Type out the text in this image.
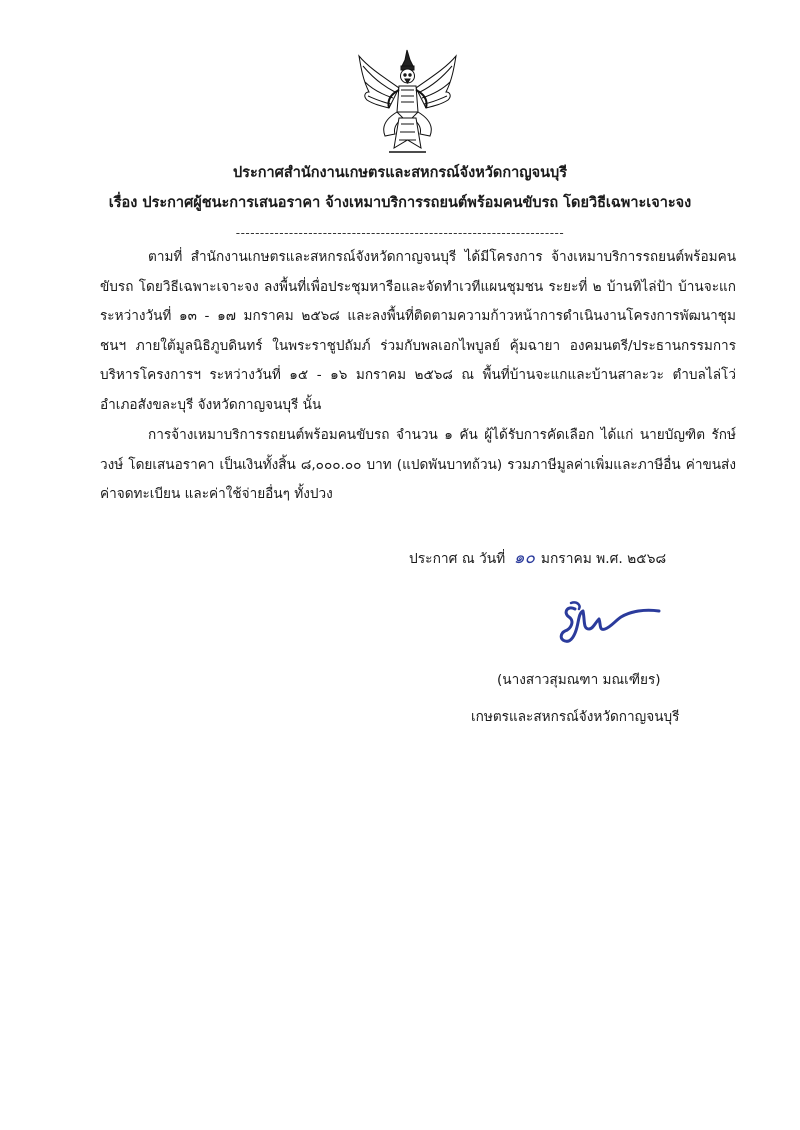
ประกาศสำนักงานเกษตรและสหกรณ์จังหวัดกาญจนบุรี
เรื่อง ประกาศผู้ชนะการเสนอราคา จ้างเหมาบริการรถยนต์พร้อมคนขับรถ โดยวิธีเฉพาะเจาะจง
--------------------------------------------------------------------
ตามที่ สำนักงานเกษตรและสหกรณ์จังหวัดกาญจนบุรี ได้มีโครงการ จ้างเหมาบริการรถยนต์พร้อมคนขับรถ โดยวิธีเฉพาะเจาะจง ลงพื้นที่เพื่อประชุมหารือและจัดทำเวทีแผนชุมชน ระยะที่ ๒ บ้านทิไล่ป้า บ้านจะแก ระหว่างวันที่ ๑๓ - ๑๗ มกราคม ๒๕๖๘ และลงพื้นที่ติดตามความก้าวหน้าการดำเนินงานโครงการพัฒนาชุมชนฯ ภายใต้มูลนิธิภูบดินทร์ ในพระราชูปถัมภ์ ร่วมกับพลเอกไพบูลย์ คุ้มฉายา องคมนตรี/ประธานกรรมการบริหารโครงการฯ ระหว่างวันที่ ๑๕ - ๑๖ มกราคม ๒๕๖๘ ณ พื้นที่บ้านจะแกและบ้านสาละวะ ตำบลไล่โว่ อำเภอสังขละบุรี จังหวัดกาญจนบุรี นั้น
การจ้างเหมาบริการรถยนต์พร้อมคนขับรถ จำนวน ๑ คัน ผู้ได้รับการคัดเลือก ได้แก่ นายบัญฑิต รักษ์วงษ์ โดยเสนอราคา เป็นเงินทั้งสิ้น ๘,๐๐๐.๐๐ บาท (แปดพันบาทถ้วน) รวมภาษีมูลค่าเพิ่มและภาษีอื่น ค่าขนส่ง ค่าจดทะเบียน และค่าใช้จ่ายอื่นๆ ทั้งปวง
ประกาศ ณ วันที่ ๑๐ มกราคม พ.ศ. ๒๕๖๘
(นางสาวสุมณฑา มณเฑียร)
เกษตรและสหกรณ์จังหวัดกาญจนบุรี
